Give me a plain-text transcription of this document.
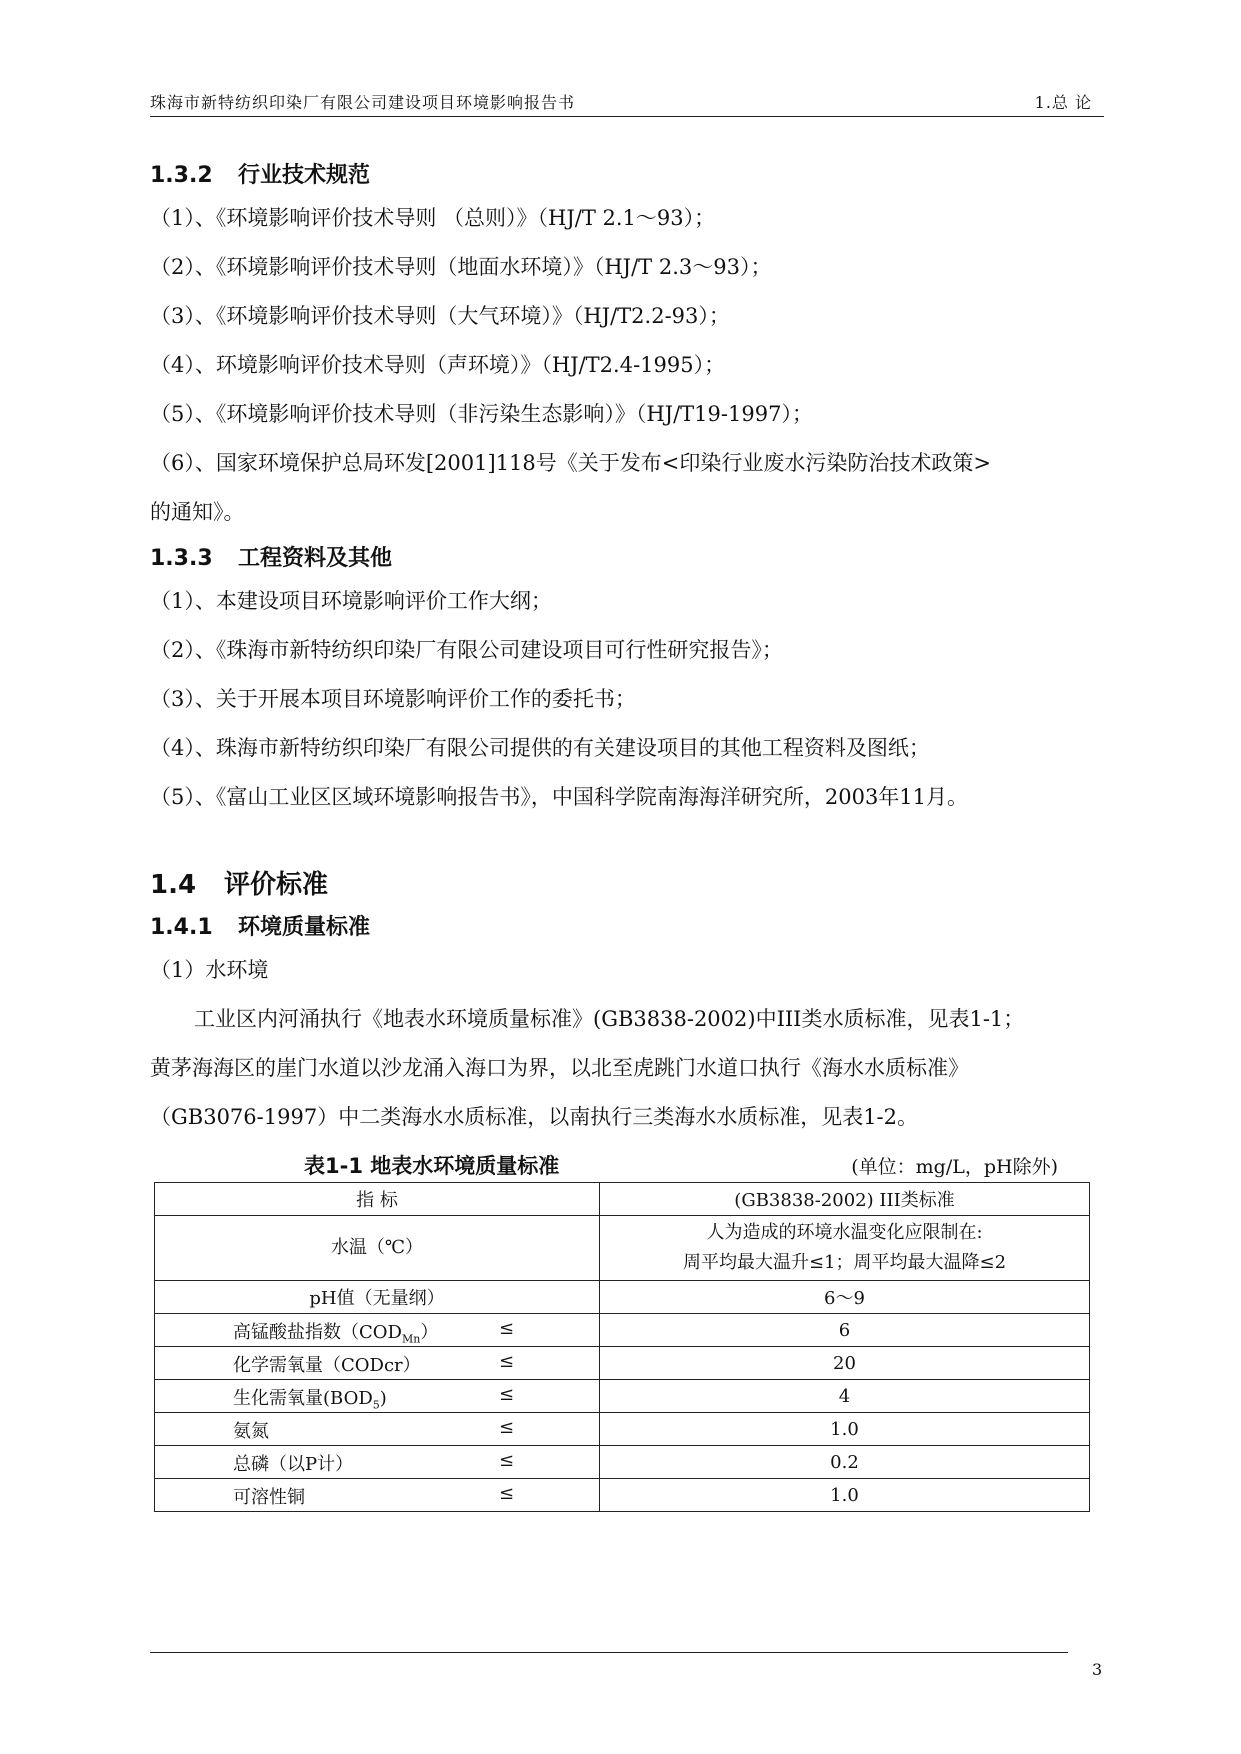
珠海市新特纺织印染厂有限公司建设项目环境影响报告书	1.总 论
1.3.2 行业技术规范

（1）、《环境影响评价技术导则 （总则）》（HJ/T 2.1～93）；

（2）、《环境影响评价技术导则（地面水环境）》（HJ/T 2.3～93）；

（3）、《环境影响评价技术导则（大气环境）》（HJ/T2.2-93）；

（4）、环境影响评价技术导则（声环境）》（HJ/T2.4-1995）；

（5）、《环境影响评价技术导则（非污染生态影响）》（HJ/T19-1997）；

（6）、国家环境保护总局环发[2001]118号《关于发布<印染行业废水污染防治技术政策>

的通知》。

1.3.3 工程资料及其他

（1）、本建设项目环境影响评价工作大纲；

（2）、《珠海市新特纺织印染厂有限公司建设项目可行性研究报告》；

（3）、关于开展本项目环境影响评价工作的委托书；

（4）、珠海市新特纺织印染厂有限公司提供的有关建设项目的其他工程资料及图纸；

（5）、《富山工业区区域环境影响报告书》，中国科学院南海海洋研究所，2003年11月。

1.4 评价标准
1.4.1 环境质量标准

（1）水环境

工业区内河涌执行《地表水环境质量标准》(GB3838-2002)中III类水质标准，见表1-1；

黄茅海海区的崖门水道以沙龙涌入海口为界，以北至虎跳门水道口执行《海水水质标准》

（GB3076-1997）中二类海水水质标准，以南执行三类海水水质标准，见表1-2。

表1-1 地表水环境质量标准	(单位：mg/L，pH除外)
指 标	(GB3838-2002) III类标准
水温（℃）	人为造成的环境水温变化应限制在:
周平均最大温升≤1；周平均最大温降≤2
pH值（无量纲）	6～9

高锰酸盐指数$(COD_{Mn})$ ≤	6

化学需氧量（CODcr） ≤	20

生化需氧量$(BOD_5)$ ≤	4

氨氮 ≤	1.0

总磷（以P计） ≤	0.2

可溶性铜 ≤	1.0
3
